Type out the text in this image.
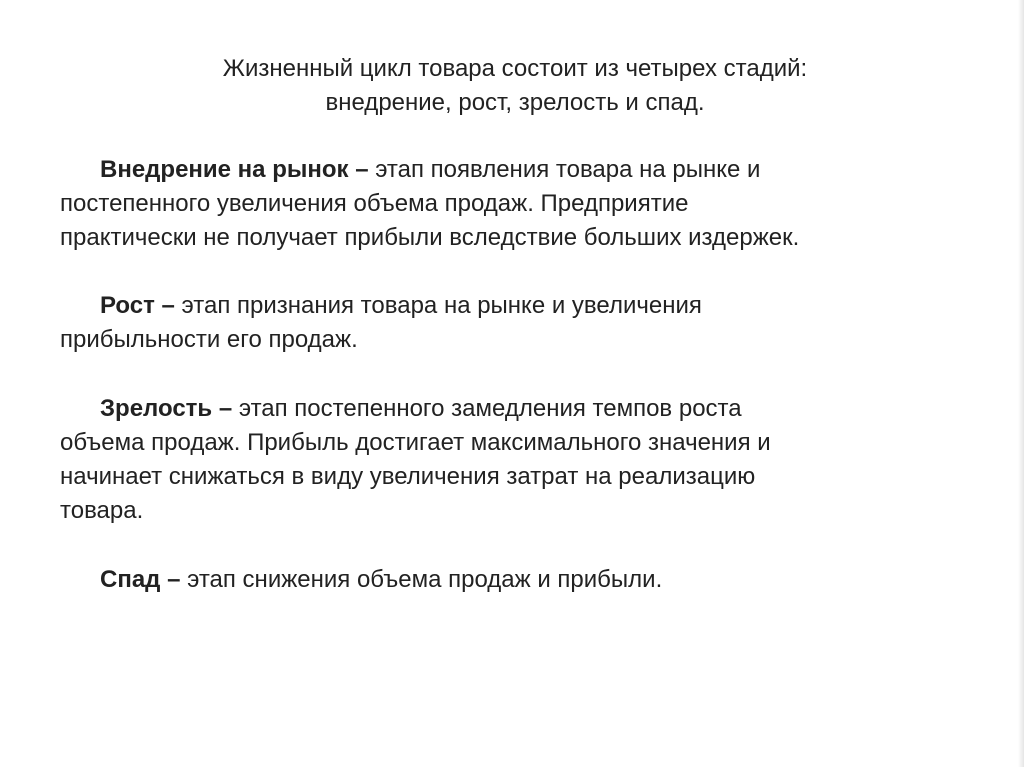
Жизненный цикл товара состоит из четырех стадий:
внедрение, рост, зрелость и спад.
Внедрение на рынок – этап появления товара на рынке и
постепенного увеличения объема продаж. Предприятие
практически не получает прибыли вследствие больших издержек.
Рост – этап признания товара на рынке и увеличения
прибыльности его продаж.
Зрелость – этап постепенного замедления темпов роста
объема продаж. Прибыль достигает максимального значения и
начинает снижаться в виду увеличения затрат на реализацию
товара.
Спад – этап снижения объема продаж и прибыли.
